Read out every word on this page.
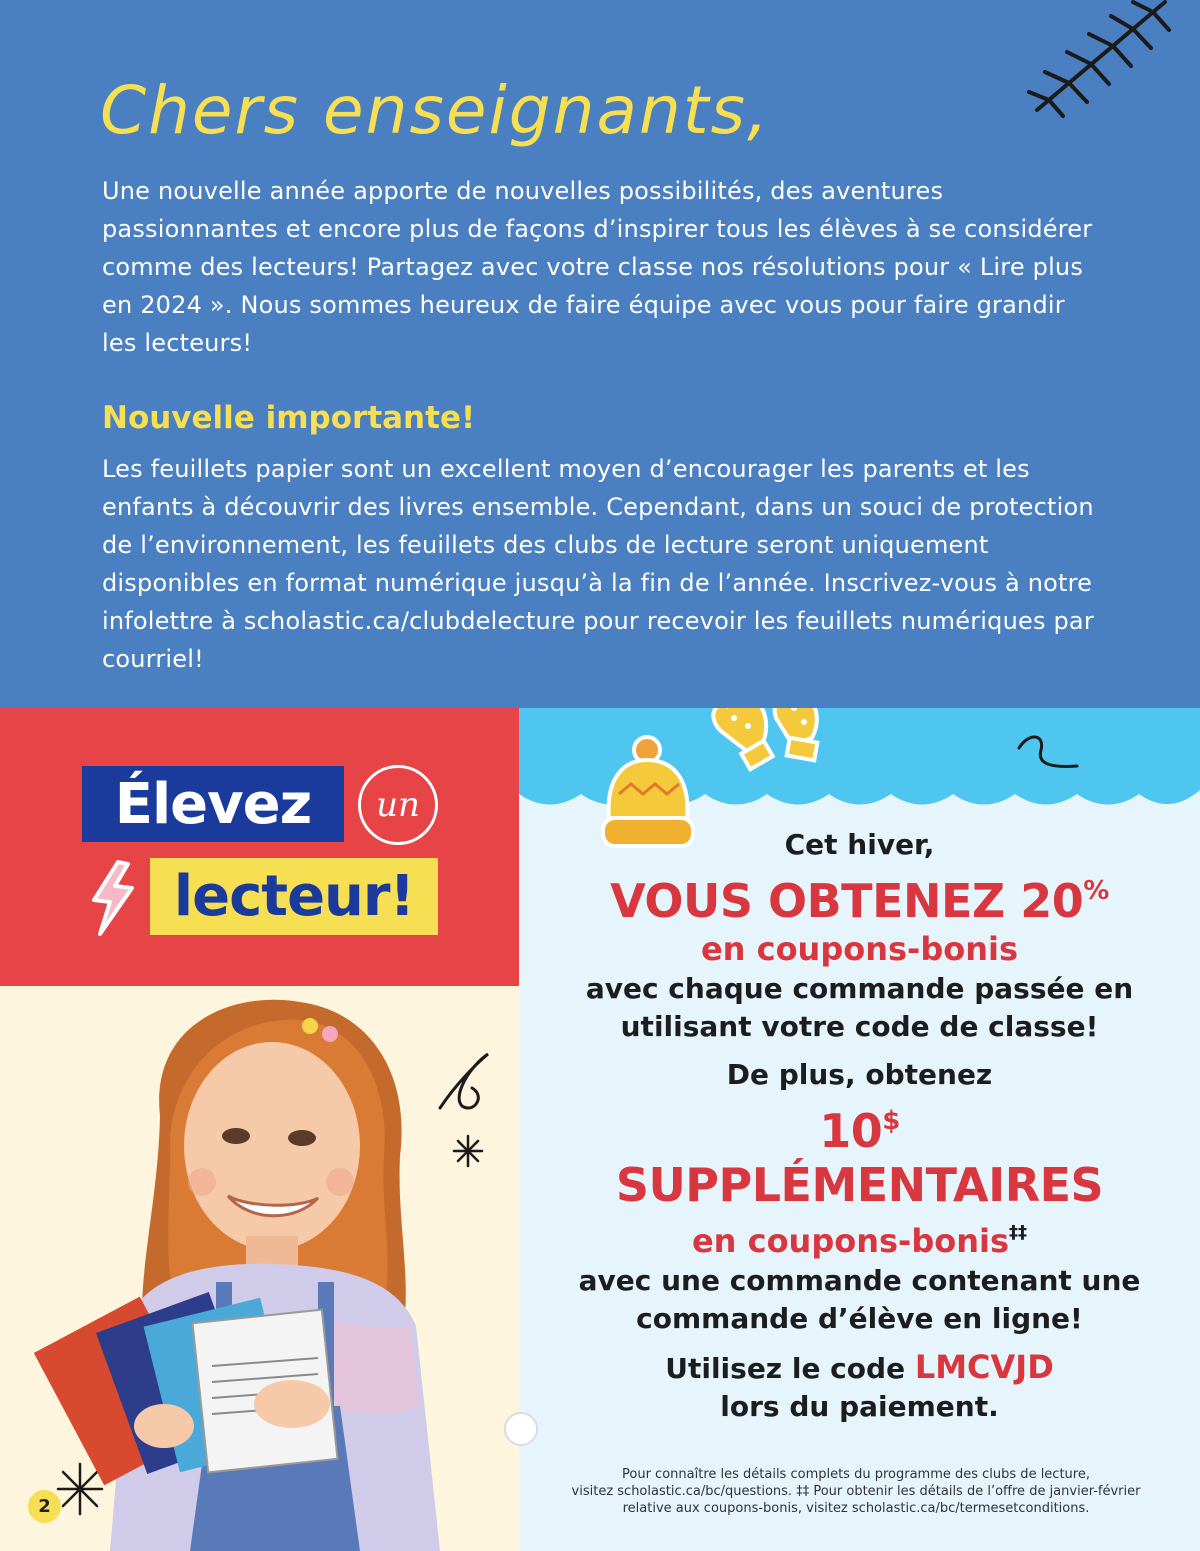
Chers enseignants,

Une nouvelle année apporte de nouvelles possibilités, des aventures passionnantes et encore plus de façons d’inspirer tous les élèves à se considérer comme des lecteurs! Partagez avec votre classe nos résolutions pour « Lire plus en 2024 ». Nous sommes heureux de faire équipe avec vous pour faire grandir les lecteurs!

Nouvelle importante!

Les feuillets papier sont un excellent moyen d’encourager les parents et les enfants à découvrir des livres ensemble. Cependant, dans un souci de protection de l’environnement, les feuillets des clubs de lecture seront uniquement disponibles en format numérique jusqu’à la fin de l’année. Inscrivez-vous à notre infolettre à scholastic.ca/clubdelecture pour recevoir les feuillets numériques par courriel!

Élevez un
lecteur!
2
Cet hiver,
VOUS OBTENEZ 20%
en coupons-bonis
avec chaque commande passée en
utilisant votre code de classe!
De plus, obtenez
10$
SUPPLÉMENTAIRES
en coupons-bonis‡‡
avec une commande contenant une
commande d’élève en ligne!
Utilisez le code LMCVJD
lors du paiement.
Pour connaître les détails complets du programme des clubs de lecture,
visitez scholastic.ca/bc/questions. ‡‡ Pour obtenir les détails de l’offre de janvier-février
relative aux coupons-bonis, visitez scholastic.ca/bc/termesetconditions.
